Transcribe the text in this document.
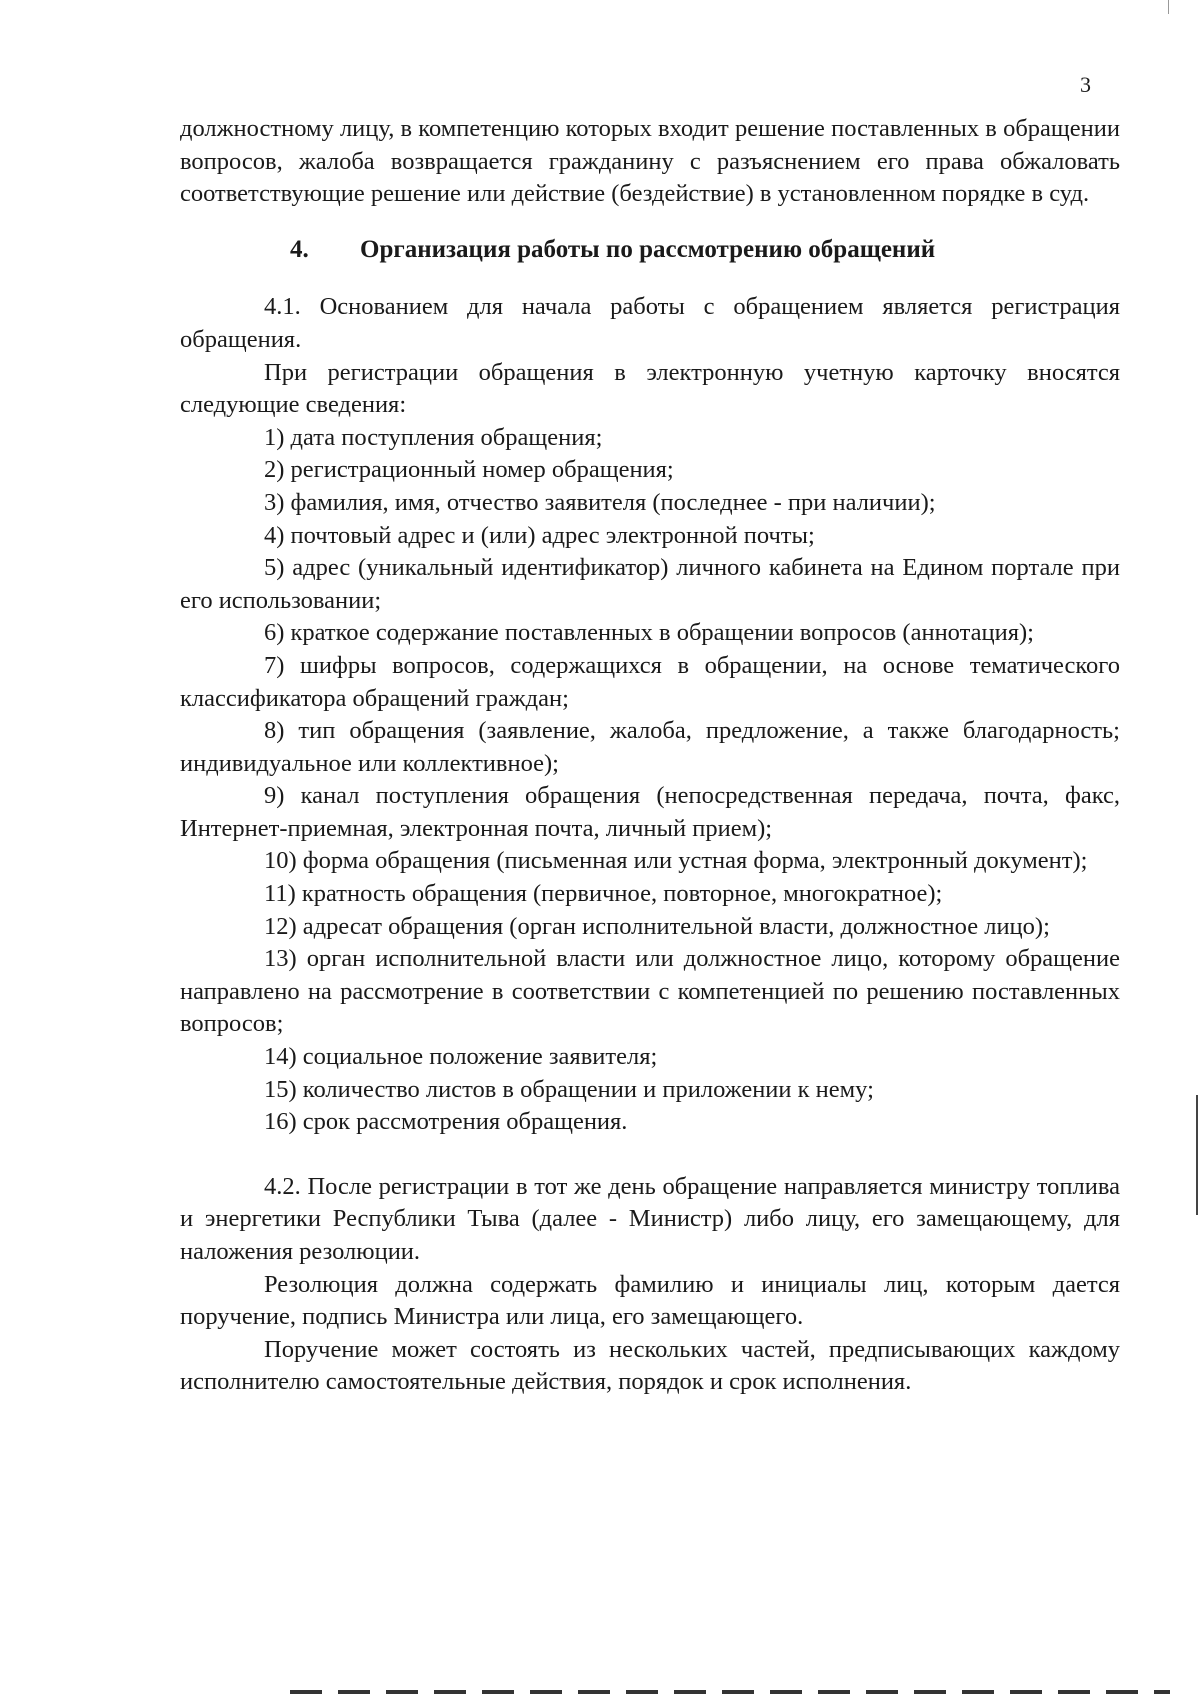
3

должностному лицу, в компетенцию которых входит решение поставленных в обращении вопросов, жалоба возвращается гражданину с разъяснением его права обжаловать соответствующие решение или действие (бездействие) в установленном порядке в суд.

4.	Организация работы по рассмотрению обращений

4.1. Основанием для начала работы с обращением является регистрация обращения.

При регистрации обращения в электронную учетную карточку вносятся следующие сведения:

1) дата поступления обращения;
2) регистрационный номер обращения;
3) фамилия, имя, отчество заявителя (последнее - при наличии);
4) почтовый адрес и (или) адрес электронной почты;
5) адрес (уникальный идентификатор) личного кабинета на Едином портале при его использовании;
6) краткое содержание поставленных в обращении вопросов (аннотация);
7) шифры вопросов, содержащихся в обращении, на основе тематического классификатора обращений граждан;
8) тип обращения (заявление, жалоба, предложение, а также благодарность; индивидуальное или коллективное);
9) канал поступления обращения (непосредственная передача, почта, факс, Интернет-приемная, электронная почта, личный прием);
10) форма обращения (письменная или устная форма, электронный документ);
11) кратность обращения (первичное, повторное, многократное);
12) адресат обращения (орган исполнительной власти, должностное лицо);
13) орган исполнительной власти или должностное лицо, которому обращение направлено на рассмотрение в соответствии с компетенцией по решению поставленных вопросов;
14) социальное положение заявителя;
15) количество листов в обращении и приложении к нему;
16) срок рассмотрения обращения.

4.2. После регистрации в тот же день обращение направляется министру топлива и энергетики Республики Тыва (далее - Министр) либо лицу, его замещающему, для наложения резолюции.

Резолюция должна содержать фамилию и инициалы лиц, которым дается поручение, подпись Министра или лица, его замещающего.

Поручение может состоять из нескольких частей, предписывающих каждому исполнителю самостоятельные действия, порядок и срок исполнения.
